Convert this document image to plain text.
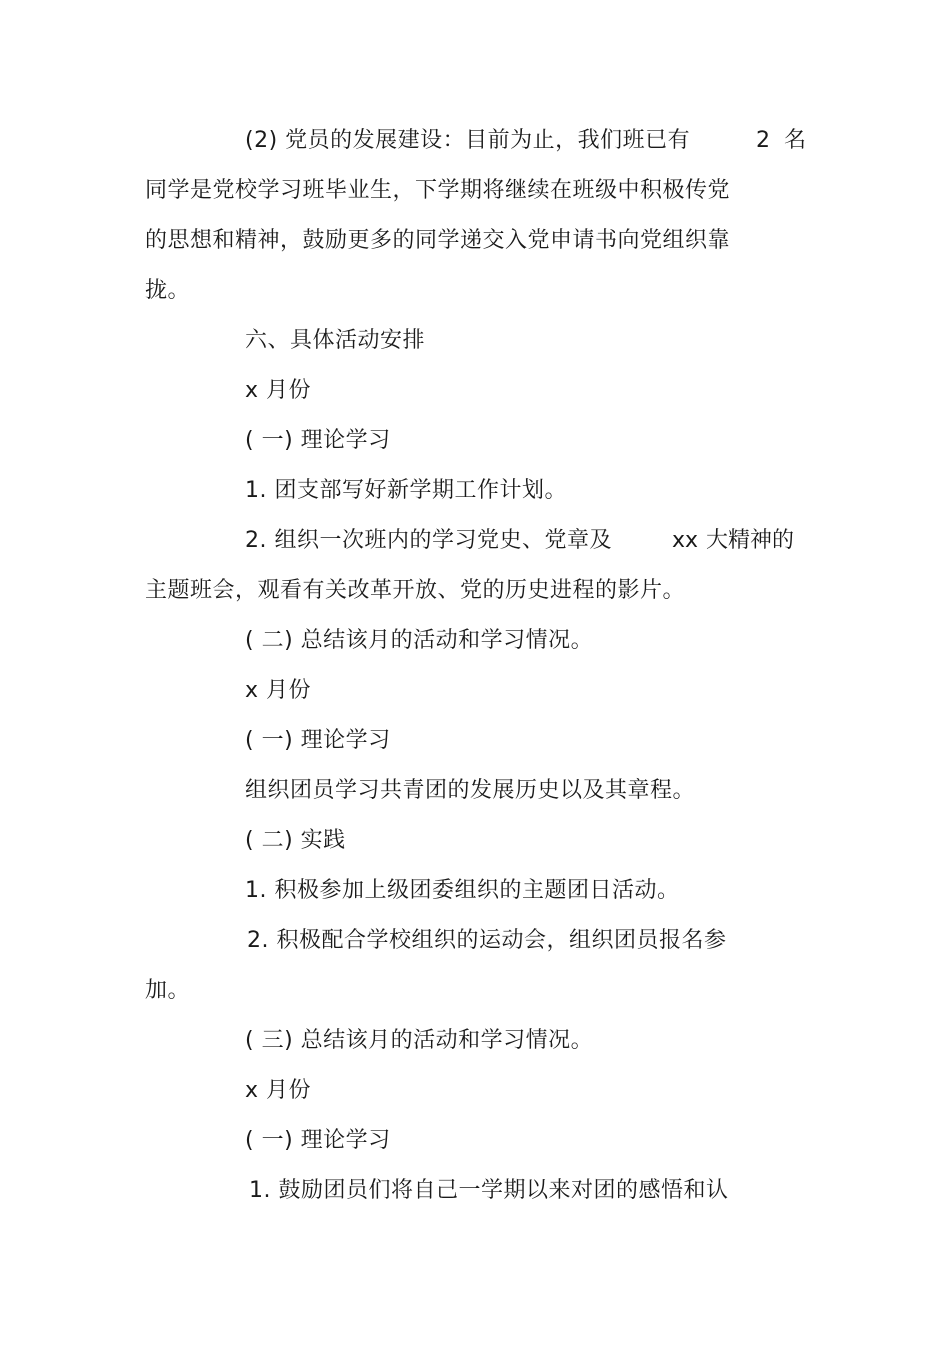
(2) 党员的发展建设：目前为止，我们班已有	2 名
同学是党校学习班毕业生，下学期将继续在班级中积极传党
的思想和精神，鼓励更多的同学递交入党申请书向党组织靠
拢。
六、具体活动安排
x 月份
( 一) 理论学习
1. 团支部写好新学期工作计划。
2. 组织一次班内的学习党史、党章及	xx 大精神的
主题班会，观看有关改革开放、党的历史进程的影片。
( 二) 总结该月的活动和学习情况。
x 月份
( 一) 理论学习
组织团员学习共青团的发展历史以及其章程。
( 二) 实践
1. 积极参加上级团委组织的主题团日活动。
2. 积极配合学校组织的运动会，组织团员报名参
加。
( 三) 总结该月的活动和学习情况。
x 月份
( 一) 理论学习
1. 鼓励团员们将自己一学期以来对团的感悟和认
